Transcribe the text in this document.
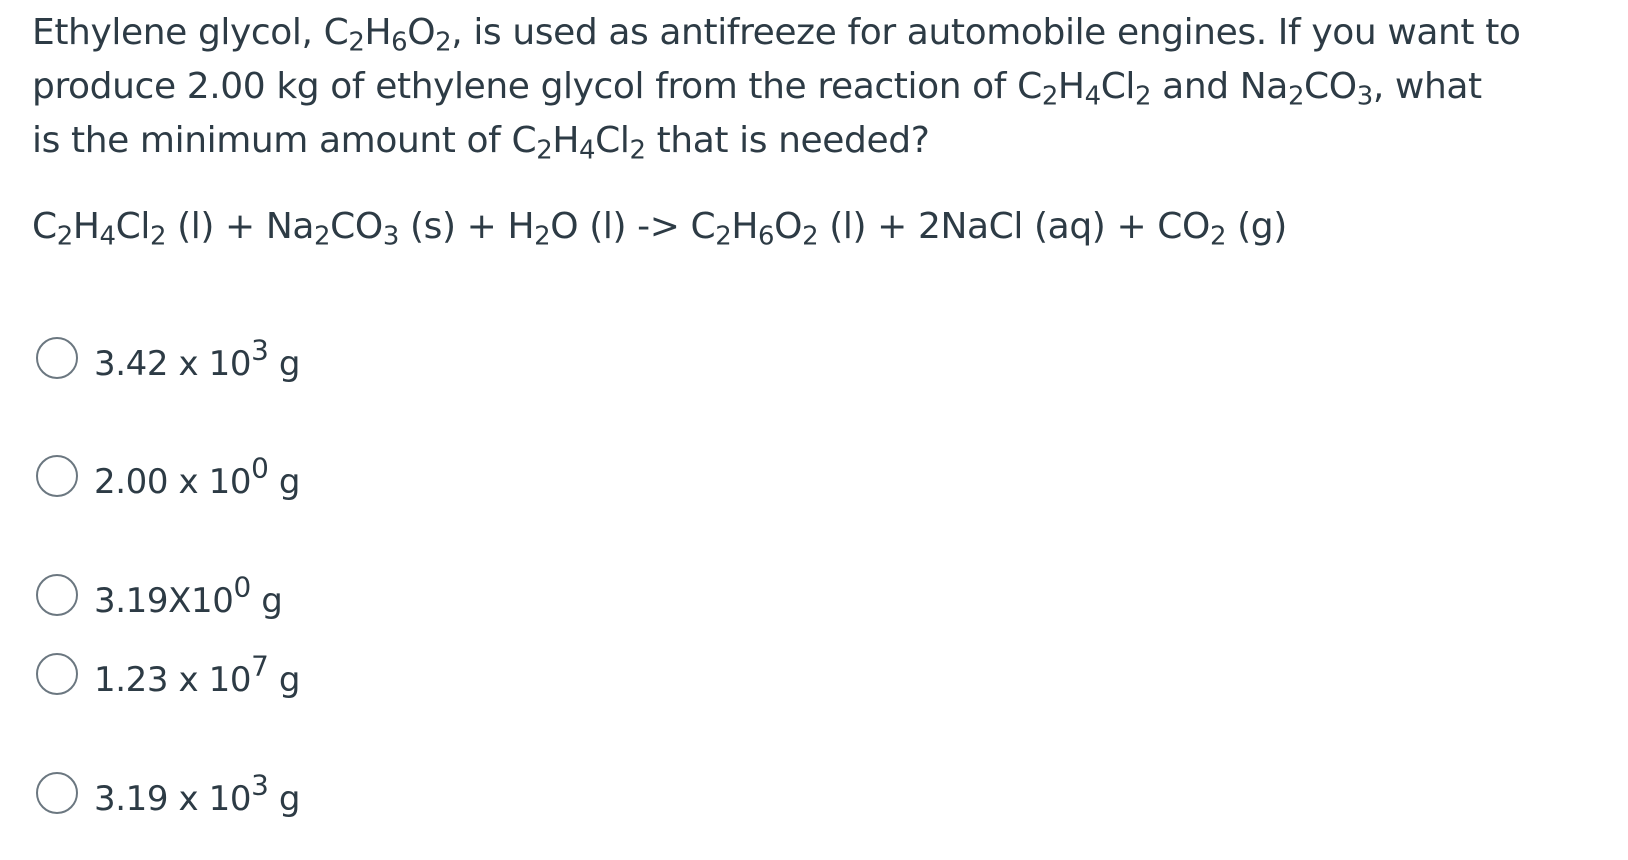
Ethylene glycol, $C_2H_6O_2$, is used as antifreeze for automobile engines. If you want to

produce 2.00 kg of ethylene glycol from the reaction of $C_2H_4Cl_2$ and $Na_2CO_3$, what

is the minimum amount of $C_2H_4Cl_2$ that is needed?

$C_2H_4Cl_2$ $(l) + Na_2CO_3$ $(s) + H_2O$ $(l) -> C_2H_6O_2$ (l) + 2NaCl $(aq) + CO_2$ (g)
3.42 x $10^3$ g
2.00 x $10^0$ g
$3.19X10^0$ g
1.23 x $10^7$ g
3.19 x $10^3$ g
